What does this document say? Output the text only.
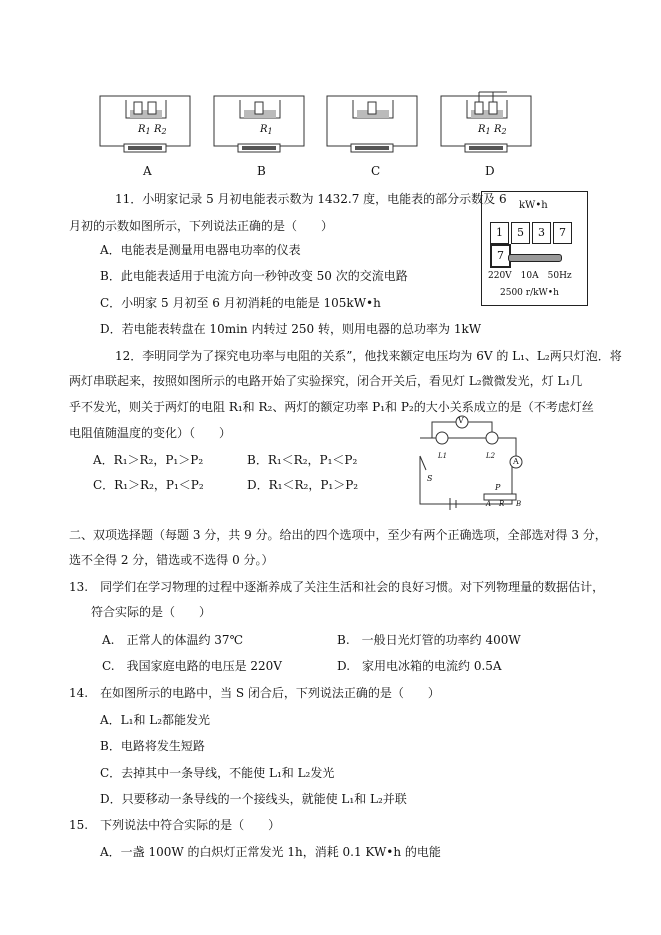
A
$R_1$ $R_2$
B
$R_1$
C	D
$R_1$ $R_2$
11．小明家记录 5 月初电能表示数为 1432.7 度，电能表的部分示数及 6
月初的示数如图所示，下列说法正确的是（　　）
A．电能表是测量用电器电功率的仪表
B．此电能表适用于电流方向一秒钟改变 50 次的交流电路
C．小明家 5 月初至 6 月初消耗的电能是 105kW•h
D．若电能表转盘在 10min 内转过 250 转，则用电器的总功率为 1kW
kW•h
1 5 3 77
220V　10A　50Hz
2500 r/kW•h
12．李明同学为了探究电功率与电阻的关系”，他找来额定电压均为 6V 的 L₁、L₂两只灯泡．将
两灯串联起来，按照如图所示的电路开始了实验探究，闭合开关后，看见灯 L₂微微发光，灯 L₁几
乎不发光，则关于两灯的电阻 R₁和 R₂、两灯的额定功率 P₁和 P₂的大小关系成立的是（不考虑灯丝
电阻值随温度的变化）（　　）
A．R₁＞R₂，P₁＞P₂	B．R₁＜R₂，P₁＜P₂
C．R₁＞R₂，P₁＜P₂	D．R₁＜R₂，P₁＞P₂
V
A
L1	L2
S
P
A R B
二、双项选择题（每题 3 分，共 9 分。给出的四个选项中，至少有两个正确选项，全部选对得 3 分，
选不全得 2 分，错选或不选得 0 分。）
13.　同学们在学习物理的过程中逐渐养成了关注生活和社会的良好习惯。对下列物理量的数据估计，
符合实际的是（　　）
A.　正常人的体温约 37℃	B.　一般日光灯管的功率约 400W
C.　我国家庭电路的电压是 220V	D.　家用电冰箱的电流约 0.5A
14.　在如图所示的电路中，当 S 闭合后，下列说法正确的是（　　）
A．L₁和 L₂都能发光
B．电路将发生短路
C．去掉其中一条导线，不能使 L₁和 L₂发光
D．只要移动一条导线的一个接线头，就能使 L₁和 L₂并联
15.　下列说法中符合实际的是（　　）
A．一盏 100W 的白炽灯正常发光 1h，消耗 0.1 KW•h 的电能
